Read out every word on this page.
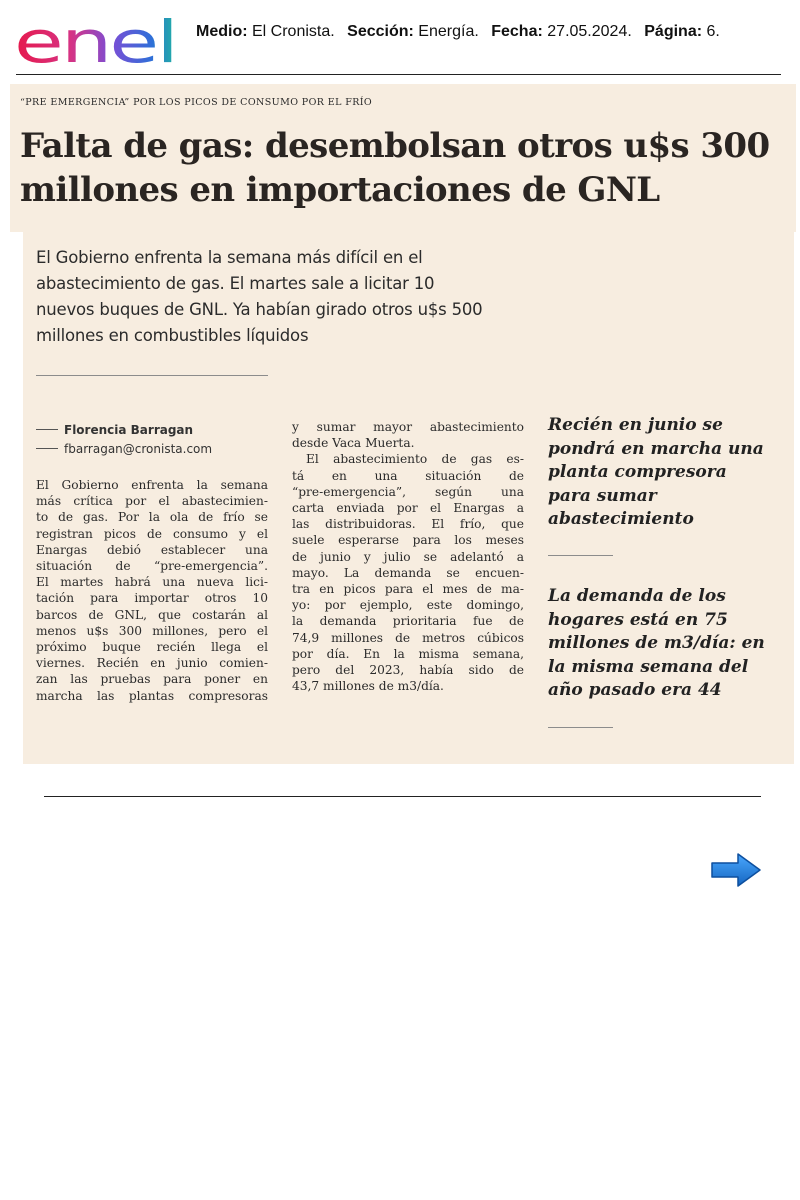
enel Medio: El Cronista. Sección: Energía. Fecha: 27.05.2024. Página: 6.
“PRE EMERGENCIA” POR LOS PICOS DE CONSUMO POR EL FRÍO
Falta de gas: desembolsan otros u$s 300
millones en importaciones de GNL

El Gobierno enfrenta la semana más difícil en el
abastecimiento de gas. El martes sale a licitar 10
nuevos buques de GNL. Ya habían girado otros u$s 500
millones en combustibles líquidos

Florencia Barragan
fbarragan@cronista.com

El Gobierno enfrenta la semana
más crítica por el abastecimien-
to de gas. Por la ola de frío se
registran picos de consumo y el
Enargas debió establecer una
situación de “pre-emergencia”.
El martes habrá una nueva lici-
tación para importar otros 10
barcos de GNL, que costarán al
menos u$s 300 millones, pero el
próximo buque recién llega el
viernes. Recién en junio comien-
zan las pruebas para poner en
marcha las plantas compresoras

y sumar mayor abastecimiento
desde Vaca Muerta.
El abastecimiento de gas es-
tá en una situación de
“pre-emergencia”, según una
carta enviada por el Enargas a
las distribuidoras. El frío, que
suele esperarse para los meses
de junio y julio se adelantó a
mayo. La demanda se encuen-
tra en picos para el mes de ma-
yo: por ejemplo, este domingo,
la demanda prioritaria fue de
74,9 millones de metros cúbicos
por día. En la misma semana,
pero del 2023, había sido de
43,7 millones de m3/día.

Recién en junio se
pondrá en marcha una
planta compresora
para sumar
abastecimiento

La demanda de los
hogares está en 75
millones de m3/día: en
la misma semana del
año pasado era 44
